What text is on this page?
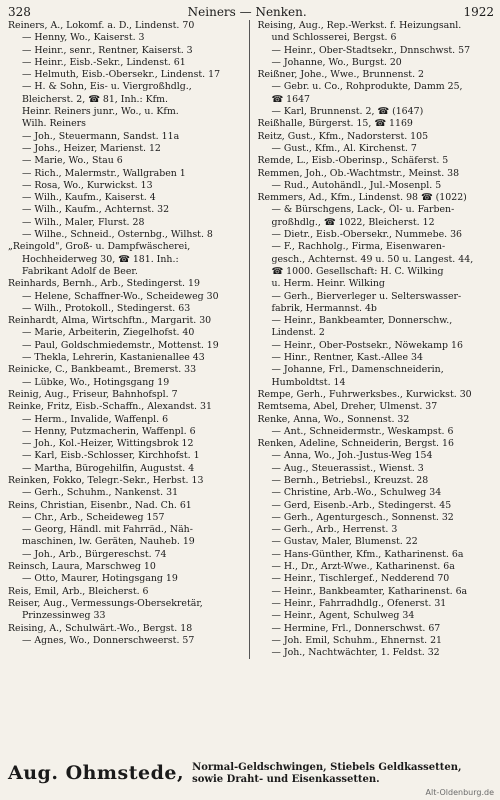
328	Neiners — Nenken.	1922
Reiners, A., Lokomf. a. D., Lindenst. 70
— Henny, Wo., Kaiserst. 3
— Heinr., senr., Rentner, Kaiserst. 3
— Heinr., Eisb.-Sekr., Lindenst. 61
— Helmuth, Eisb.-Obersekr., Lindenst. 17
— H. & Sohn, Eis- u. Viergroßhdlg.,
Bleicherst. 2, ☎ 81, Inh.: Kfm.
Heinr. Reiners junr., Wo., u. Kfm.
Wilh. Reiners
— Joh., Steuermann, Sandst. 11a
— Johs., Heizer, Marienst. 12
— Marie, Wo., Stau 6
— Rich., Malermstr., Wallgraben 1
— Rosa, Wo., Kurwickst. 13
— Wilh., Kaufm., Kaiserst. 4
— Wilh., Kaufm., Achternst. 32
— Wilh., Maler, Flurst. 28
— Wilhe., Schneid., Osternbg., Wilhst. 8
„Reingold", Groß- u. Dampfwäscherei,
Hochheiderweg 30, ☎ 181. Inh.:
Fabrikant Adolf de Beer.
Reinhards, Bernh., Arb., Stedingerst. 19
— Helene, Schaffner-Wo., Scheideweg 30
— Wilh., Protokoll., Stedingerst. 63
Reinhardt, Alma, Wirtschftn., Margarit. 30
— Marie, Arbeiterin, Ziegelhofst. 40
— Paul, Goldschmiedemstr., Mottenst. 19
— Thekla, Lehrerin, Kastanienallee 43
Reinicke, C., Bankbeamt., Bremerst. 33
— Lübke, Wo., Hotingsgang 19
Reinig, Aug., Friseur, Bahnhofspl. 7
Reinke, Fritz, Eisb.-Schaffn., Alexandst. 31
— Herm., Invalide, Waffenpl. 6
— Henny, Putzmacherin, Waffenpl. 6
— Joh., Kol.-Heizer, Wittingsbrok 12
— Karl, Eisb.-Schlosser, Kirchhofst. 1
— Martha, Bürogehilfin, Augustst. 4
Reinken, Fokko, Telegr.-Sekr., Herbst. 13
— Gerh., Schuhm., Nankenst. 31
Reins, Christian, Eisenbr., Nad. Ch. 61
— Chr., Arb., Scheideweg 157
— Georg, Händl. mit Fahrräd., Näh-
maschinen, lw. Geräten, Nauheb. 19
— Joh., Arb., Bürgereschst. 74
Reinsch, Laura, Marschweg 10
— Otto, Maurer, Hotingsgang 19
Reis, Emil, Arb., Bleicherst. 6
Reiser, Aug., Vermessungs-Obersekretär,
Prinzessinweg 33
Reising, A., Schulwärt.-Wo., Bergst. 18
— Agnes, Wo., Donnerschweerst. 57
Reising, Aug., Rep.-Werkst. f. Heizungsanl.
und Schlosserei, Bergst. 6
— Heinr., Ober-Stadtsekr., Dnnschwst. 57
— Johanne, Wo., Burgst. 20
Reißner, Johe., Wwe., Brunnenst. 2
— Gebr. u. Co., Rohprodukte, Damm 25,
☎ 1647
— Karl, Brunnenst. 2, ☎ (1647)
Reißhalle, Bürgerst. 15, ☎ 1169
Reitz, Gust., Kfm., Nadorsterst. 105
— Gust., Kfm., Al. Kirchenst. 7
Remde, L., Eisb.-Oberinsp., Schäferst. 5
Remmen, Joh., Ob.-Wachtmstr., Meinst. 38
— Rud., Autohändl., Jul.-Mosenpl. 5
Remmers, Ad., Kfm., Lindenst. 98 ☎ (1022)
— & Bürschgens, Lack-, Öl- u. Farben-
großhdlg., ☎ 1022, Bleicherst. 12
— Dietr., Eisb.-Obersekr., Nummebe. 36
— F., Rachholg., Firma, Eisenwaren-
gesch., Achternst. 49 u. 50 u. Langest. 44,
☎ 1000. Gesellschaft: H. C. Wilking
u. Herm. Heinr. Wilking
— Gerh., Bierverleger u. Selterswasser-
fabrik, Hermannst. 4b
— Heinr., Bankbeamter, Donnerschw.,
Lindenst. 2
— Heinr., Ober-Postsekr., Nöwekamp 16
— Hinr., Rentner, Kast.-Allee 34
— Johanne, Frl., Damenschneiderin,
Humboldtst. 14
Rempe, Gerh., Fuhrwerksbes., Kurwickst. 30
Remtsema, Abel, Dreher, Ulmenst. 37
Renke, Anna, Wo., Sonnenst. 32
— Ant., Schneidermstr., Weskampst. 6
Renken, Adeline, Schneiderin, Bergst. 16
— Anna, Wo., Joh.-Justus-Weg 154
— Aug., Steuerassist., Wienst. 3
— Bernh., Betriebsl., Kreuzst. 28
— Christine, Arb.-Wo., Schulweg 34
— Gerd, Eisenb.-Arb., Stedingerst. 45
— Gerh., Agenturgesch., Sonnenst. 32
— Gerh., Arb., Herrenst. 3
— Gustav, Maler, Blumenst. 22
— Hans-Günther, Kfm., Katharinenst. 6a
— H., Dr., Arzt-Wwe., Katharinenst. 6a
— Heinr., Tischlergef., Nedderend 70
— Heinr., Bankbeamter, Katharinenst. 6a
— Heinr., Fahrradhdlg., Ofenerst. 31
— Heinr., Agent, Schulweg 34
— Hermine, Frl., Donnerschwst. 67
— Joh. Emil, Schuhm., Ehnernst. 21
— Joh., Nachtwächter, 1. Feldst. 32
Aug. Ohmstede, Normal-Geldschwingen, Stiebels Geldkassetten,
sowie Draht- und Eisenkassetten.
Alt-Oldenburg.de
